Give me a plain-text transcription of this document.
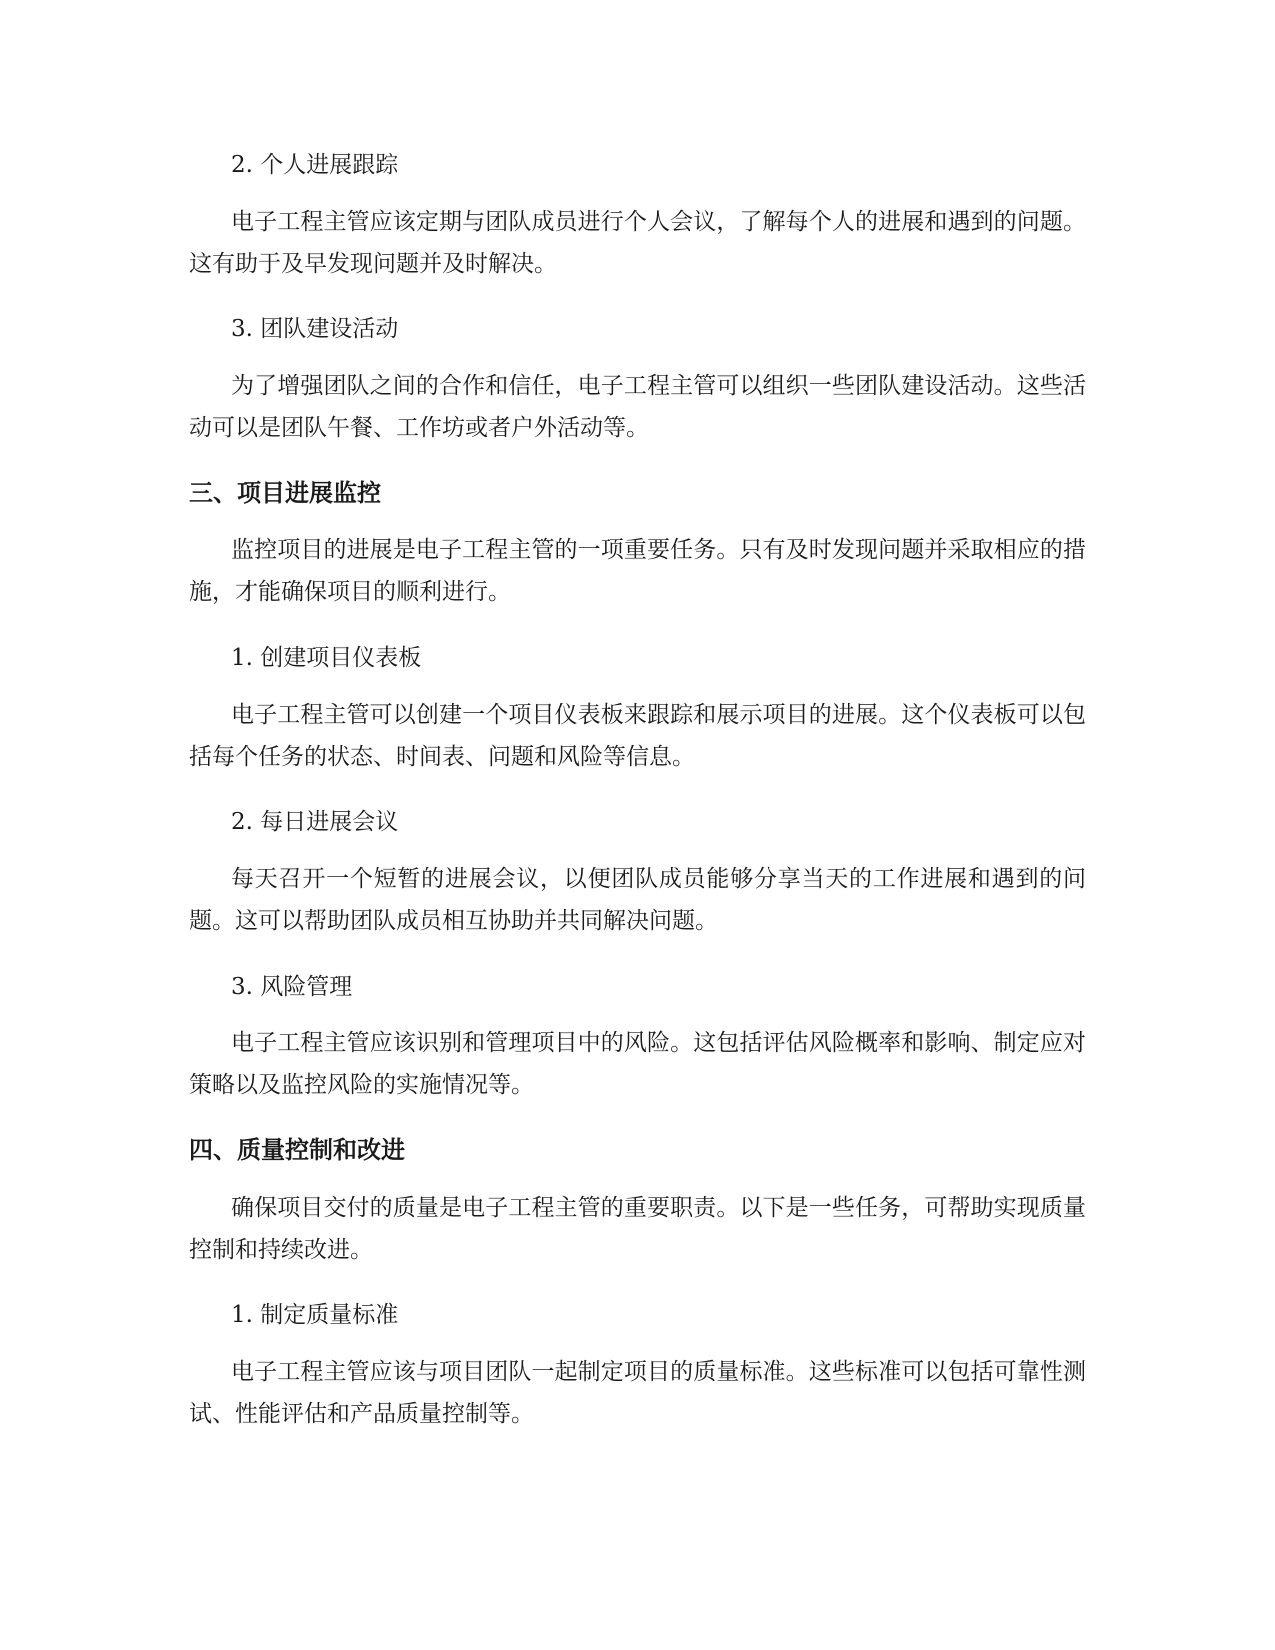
2. 个人进展跟踪

电子工程主管应该定期与团队成员进行个人会议，了解每个人的进展和遇到的问题。这有助于及早发现问题并及时解决。

3. 团队建设活动

为了增强团队之间的合作和信任，电子工程主管可以组织一些团队建设活动。这些活动可以是团队午餐、工作坊或者户外活动等。

三、项目进展监控

监控项目的进展是电子工程主管的一项重要任务。只有及时发现问题并采取相应的措施，才能确保项目的顺利进行。

1. 创建项目仪表板

电子工程主管可以创建一个项目仪表板来跟踪和展示项目的进展。这个仪表板可以包括每个任务的状态、时间表、问题和风险等信息。

2. 每日进展会议

每天召开一个短暂的进展会议，以便团队成员能够分享当天的工作进展和遇到的问题。这可以帮助团队成员相互协助并共同解决问题。

3. 风险管理

电子工程主管应该识别和管理项目中的风险。这包括评估风险概率和影响、制定应对策略以及监控风险的实施情况等。

四、质量控制和改进

确保项目交付的质量是电子工程主管的重要职责。以下是一些任务，可帮助实现质量控制和持续改进。

1. 制定质量标准

电子工程主管应该与项目团队一起制定项目的质量标准。这些标准可以包括可靠性测试、性能评估和产品质量控制等。
